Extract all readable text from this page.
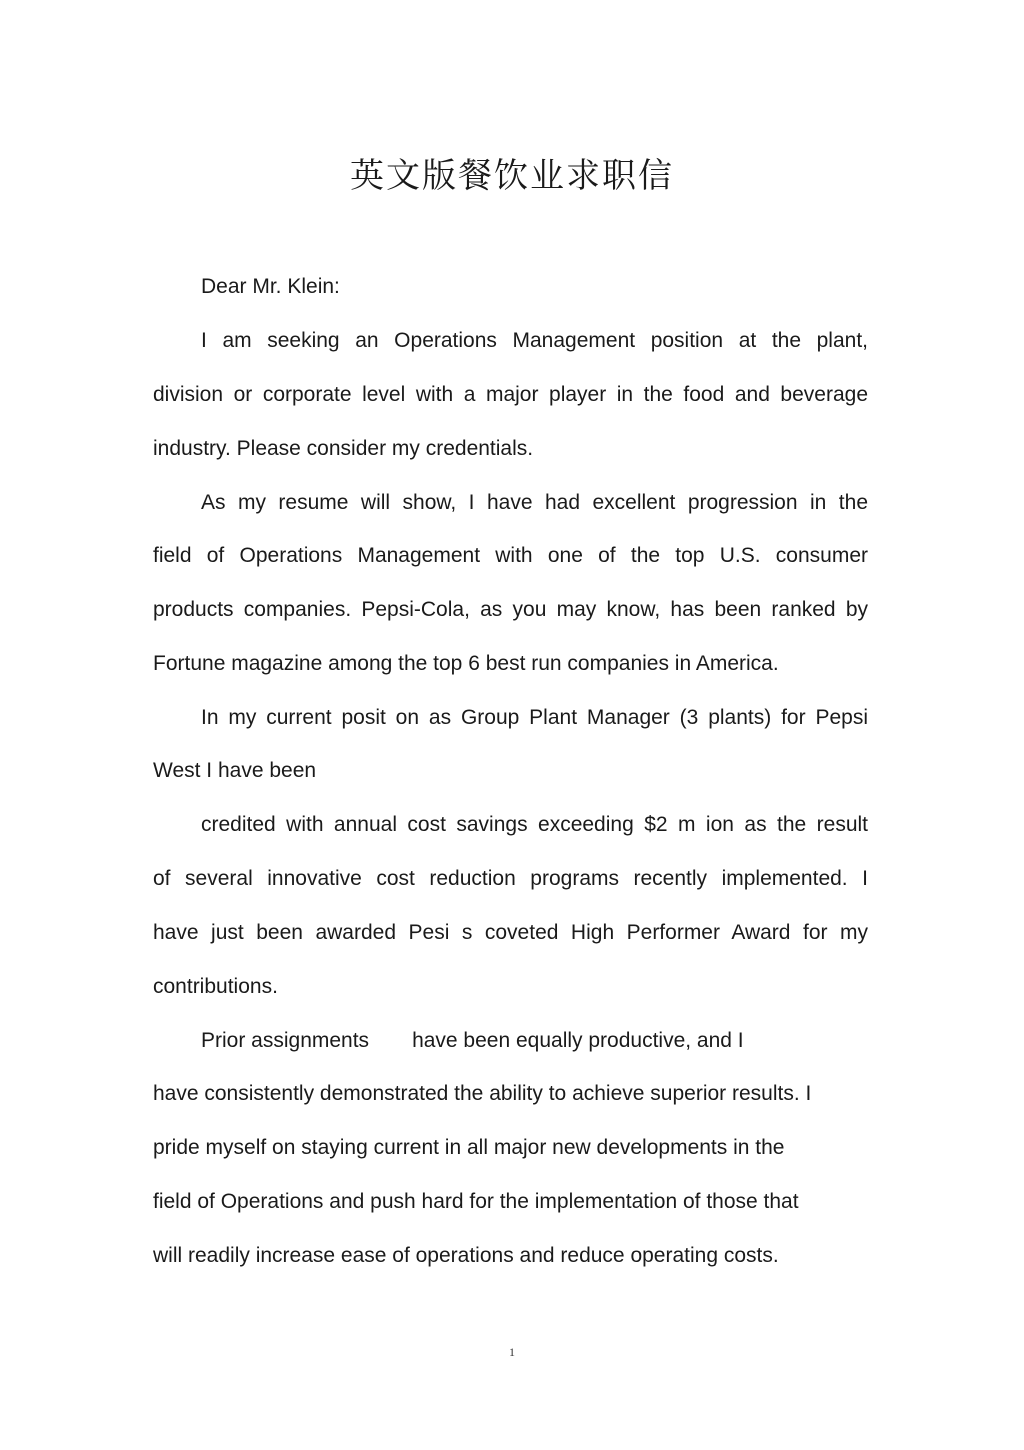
英文版餐饮业求职信
Dear Mr. Klein:
I am seeking an Operations Management position at the plant,
division or corporate level with a major player in the food and beverage
industry. Please consider my credentials.
As my resume will show, I have had excellent progression in the
field of Operations Management with one of the top U.S. consumer
products companies. Pepsi-Cola, as you may know, has been ranked by
Fortune magazine among the top 6 best run companies in America.
In my current posit on as Group Plant Manager (3 plants) for Pepsi
West I have been
credited with annual cost savings exceeding $2 m ion as the result
of several innovative cost reduction programs recently implemented. I
have just been awarded Pesi s coveted High Performer Award for my
contributions.
Prior assignments have been equally productive, and I
have consistently demonstrated the ability to achieve superior results. I
pride myself on staying current in all major new developments in the
field of Operations and push hard for the implementation of those that
will readily increase ease of operations and reduce operating costs.
1
